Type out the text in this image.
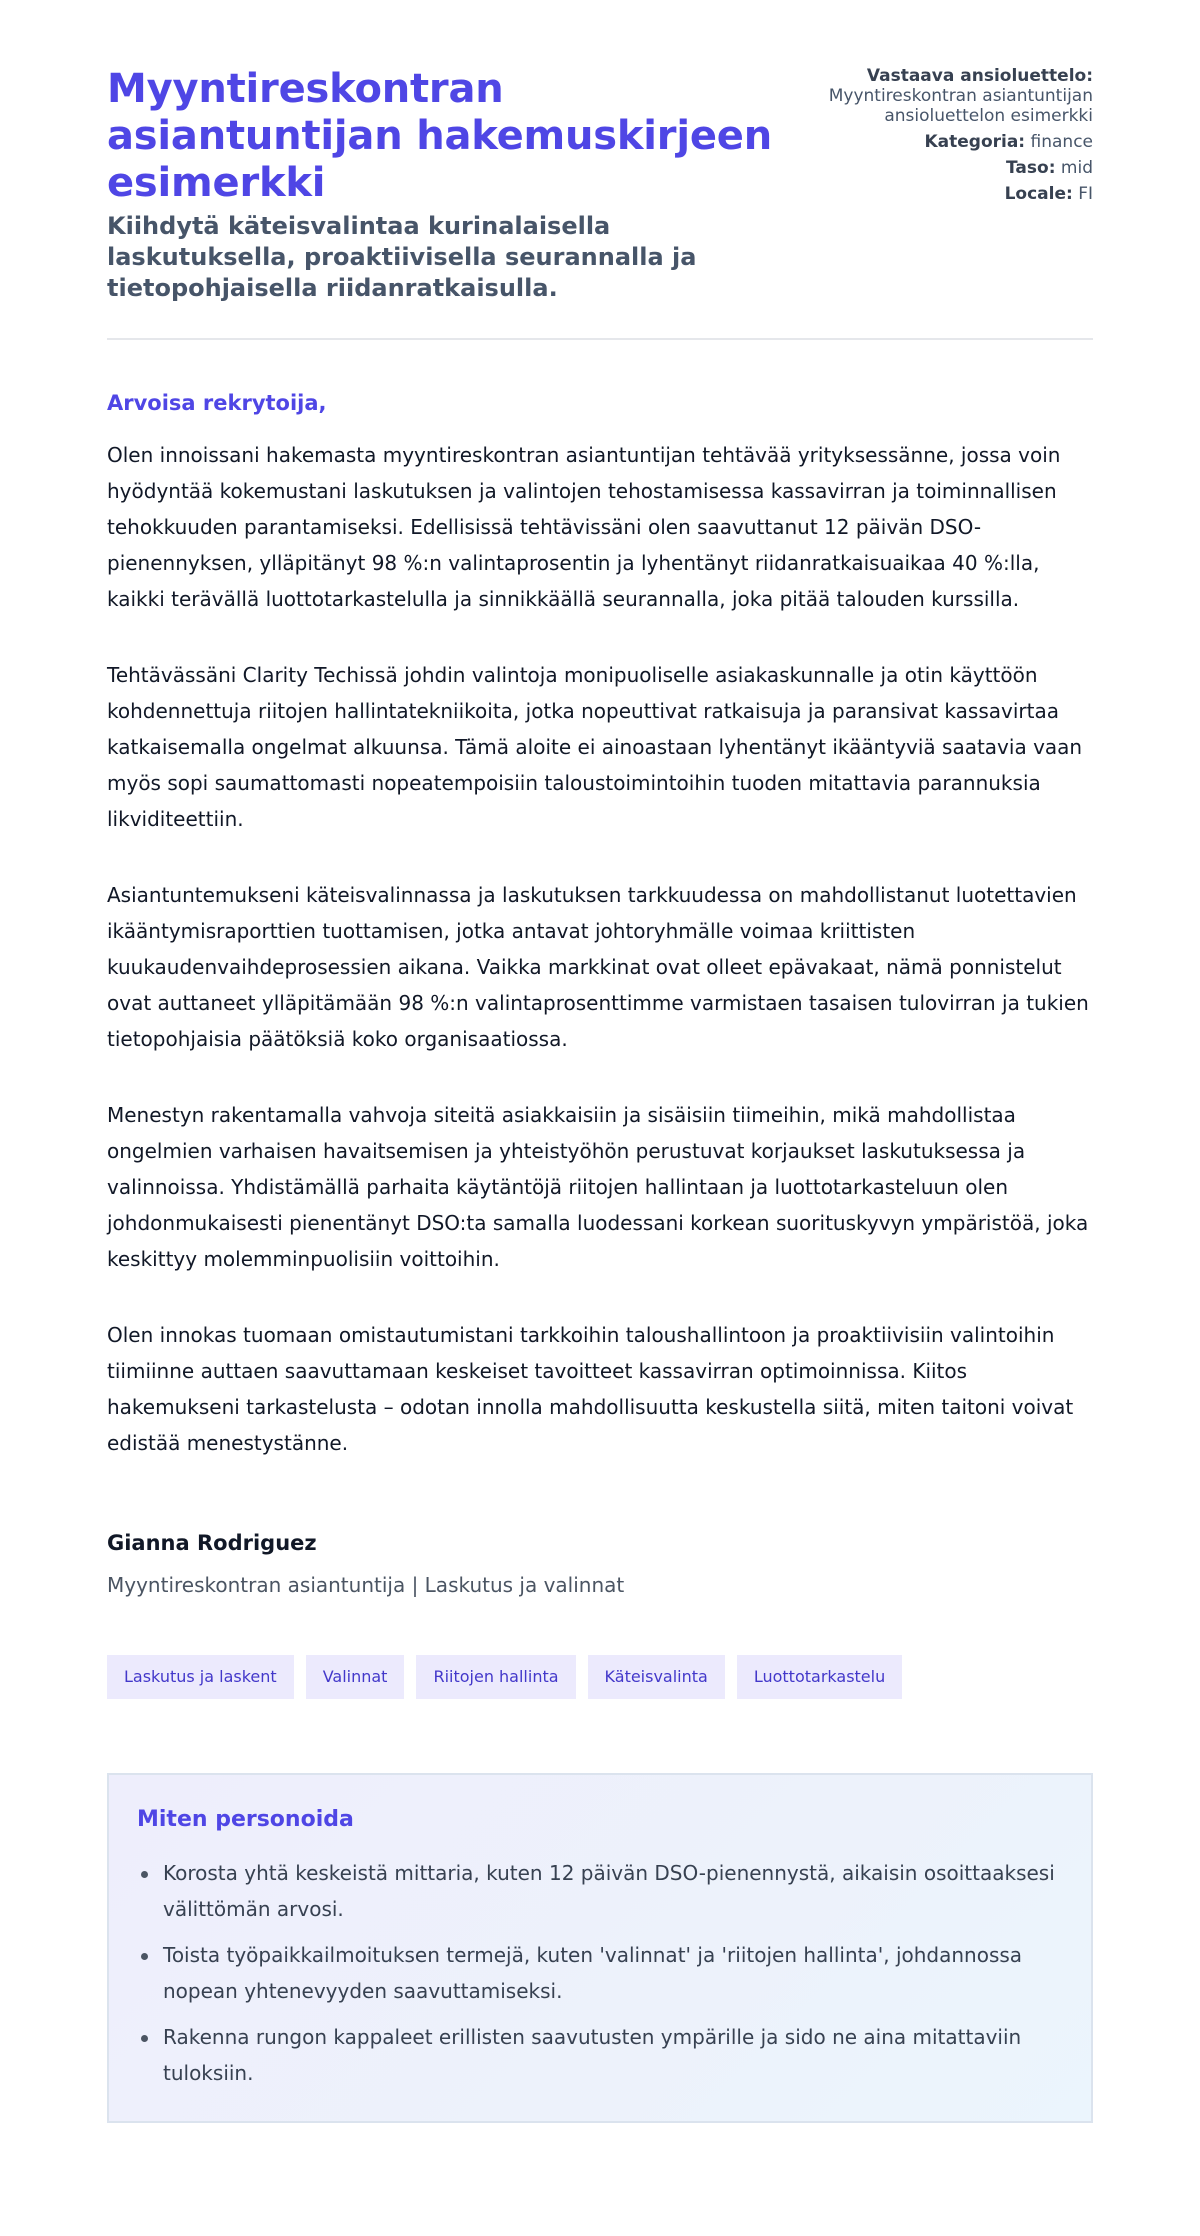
Myyntireskontran asiantuntijan hakemuskirjeen esimerkki
Kiihdytä käteisvalintaa kurinalaisella laskutuksella, proaktiivisella seurannalla ja tietopohjaisella riidanratkaisulla.
Vastaava ansioluettelo:
Myyntireskontran asiantuntijan ansioluettelon esimerkki
Kategoria: finance
Taso: mid
Locale: FI
Arvoisa rekrytoija,

Olen innoissani hakemasta myyntireskontran asiantuntijan tehtävää yrityksessänne, jossa voin hyödyntää kokemustani laskutuksen ja valintojen tehostamisessa kassavirran ja toiminnallisen tehokkuuden parantamiseksi. Edellisissä tehtävissäni olen saavuttanut 12 päivän DSO-pienennyksen, ylläpitänyt 98 %:n valintaprosentin ja lyhentänyt riidanratkaisuaikaa 40 %:lla, kaikki terävällä luottotarkastelulla ja sinnikkäällä seurannalla, joka pitää talouden kurssilla.

Tehtävässäni Clarity Techissä johdin valintoja monipuoliselle asiakaskunnalle ja otin käyttöön kohdennettuja riitojen hallintatekniikoita, jotka nopeuttivat ratkaisuja ja paransivat kassavirtaa katkaisemalla ongelmat alkuunsa. Tämä aloite ei ainoastaan lyhentänyt ikääntyviä saatavia vaan myös sopi saumattomasti nopeatempoisiin taloustoimintoihin tuoden mitattavia parannuksia likviditeettiin.

Asiantuntemukseni käteisvalinnassa ja laskutuksen tarkkuudessa on mahdollistanut luotettavien ikääntymisraporttien tuottamisen, jotka antavat johtoryhmälle voimaa kriittisten kuukaudenvaihdeprosessien aikana. Vaikka markkinat ovat olleet epävakaat, nämä ponnistelut ovat auttaneet ylläpitämään 98 %:n valintaprosenttimme varmistaen tasaisen tulovirran ja tukien tietopohjaisia päätöksiä koko organisaatiossa.

Menestyn rakentamalla vahvoja siteitä asiakkaisiin ja sisäisiin tiimeihin, mikä mahdollistaa ongelmien varhaisen havaitsemisen ja yhteistyöhön perustuvat korjaukset laskutuksessa ja valinnoissa. Yhdistämällä parhaita käytäntöjä riitojen hallintaan ja luottotarkasteluun olen johdonmukaisesti pienentänyt DSO:ta samalla luodessani korkean suorituskyvyn ympäristöä, joka keskittyy molemminpuolisiin voittoihin.

Olen innokas tuomaan omistautumistani tarkkoihin taloushallintoon ja proaktiivisiin valintoihin tiimiinne auttaen saavuttamaan keskeiset tavoitteet kassavirran optimoinnissa. Kiitos hakemukseni tarkastelusta – odotan innolla mahdollisuutta keskustella siitä, miten taitoni voivat edistää menestystänne.

Gianna Rodriguez
Myyntireskontran asiantuntija | Laskutus ja valinnat
Laskutus ja laskent	Valinnat	Riitojen hallinta	Käteisvalinta	Luottotarkastelu
Miten personoida
Korosta yhtä keskeistä mittaria, kuten 12 päivän DSO-pienennystä, aikaisin osoittaaksesi välittömän arvosi.
Toista työpaikkailmoituksen termejä, kuten 'valinnat' ja 'riitojen hallinta', johdannossa nopean yhtenevyyden saavuttamiseksi.
Rakenna rungon kappaleet erillisten saavutusten ympärille ja sido ne aina mitattaviin tuloksiin.
